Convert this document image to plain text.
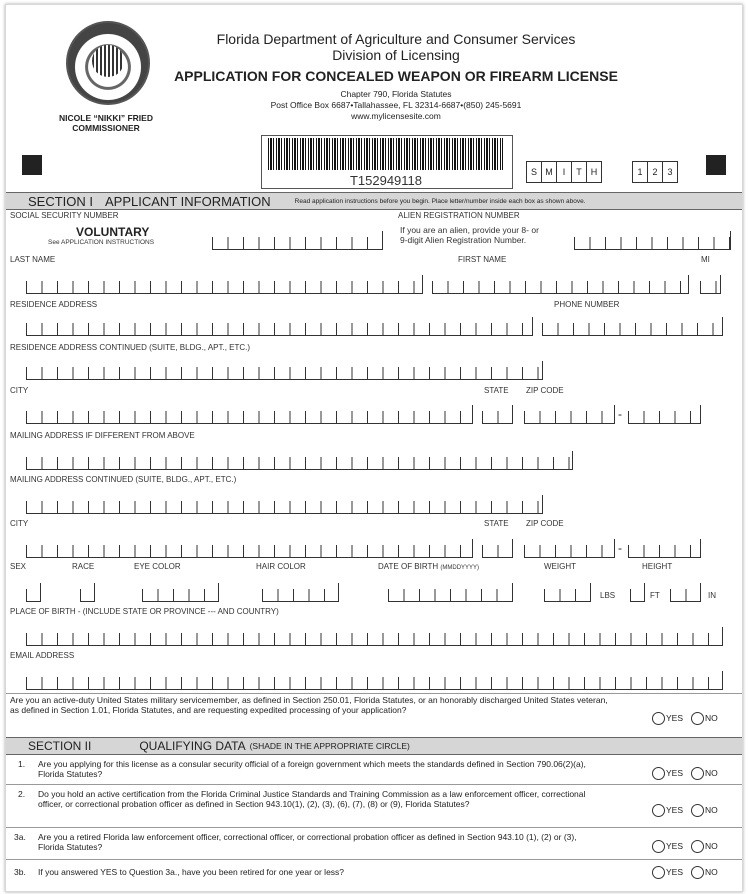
NICOLE “NIKKI” FRIED
COMMISSIONER
Florida Department of Agriculture and Consumer Services
Division of Licensing
APPLICATION FOR CONCEALED WEAPON OR FIREARM LICENSE
Chapter 790, Florida Statutes
Post Office Box 6687•Tallahassee, FL 32314-6687•(850) 245-5691
www.mylicensesite.com
T152949118
S M	I	T	H	1	2	3
SECTION I APPLICANT INFORMATION	Read application instructions before you begin. Place letter/number inside each box as shown above.
SOCIAL SECURITY NUMBER
VOLUNTARY
See APPLICATION INSTRUCTIONS
ALIEN REGISTRATION NUMBER
If you are an alien, provide your 8- or
9-digit Alien Registration Number.
LAST NAME	FIRST NAME	MI
RESIDENCE ADDRESS	PHONE NUMBER
RESIDENCE ADDRESS CONTINUED (SUITE, BLDG., APT., ETC.)
CITY	STATE ZIP CODE
-
MAILING ADDRESS IF DIFFERENT FROM ABOVE
MAILING ADDRESS CONTINUED (SUITE, BLDG., APT., ETC.)
CITY	STATE ZIP CODE
-
SEX	RACE	EYE COLOR	HAIR COLOR	DATE OF BIRTH (MMDDYYYY)	WEIGHT	HEIGHT
LBS	FT	IN
PLACE OF BIRTH - (INCLUDE STATE OR PROVINCE --- AND COUNTRY)
EMAIL ADDRESS
Are you an active-duty United States military servicemember, as defined in Section 250.01, Florida Statutes, or an honorably discharged United States veteran, as defined in Section 1.01, Florida Statutes, and are requesting expedited processing of your application?
YES	NO
SECTION II	QUALIFYING DATA (SHADE IN THE APPROPRIATE CIRCLE)
1. Are you applying for this license as a consular security official of a foreign government which meets the standards defined in Section 790.06(2)(a), Florida Statutes?	YES	NO
2. Do you hold an active certification from the Florida Criminal Justice Standards and Training Commission as a law enforcement officer, correctional officer, or correctional probation officer as defined in Section 943.10(1), (2), (3), (6), (7), (8) or (9), Florida Statutes?
YES	NO
3a. Are you a retired Florida law enforcement officer, correctional officer, or correctional probation officer as defined in Section 943.10 (1), (2) or (3), Florida Statutes?	YES	NO
3b. If you answered YES to Question 3a., have you been retired for one year or less?	YES	NO
